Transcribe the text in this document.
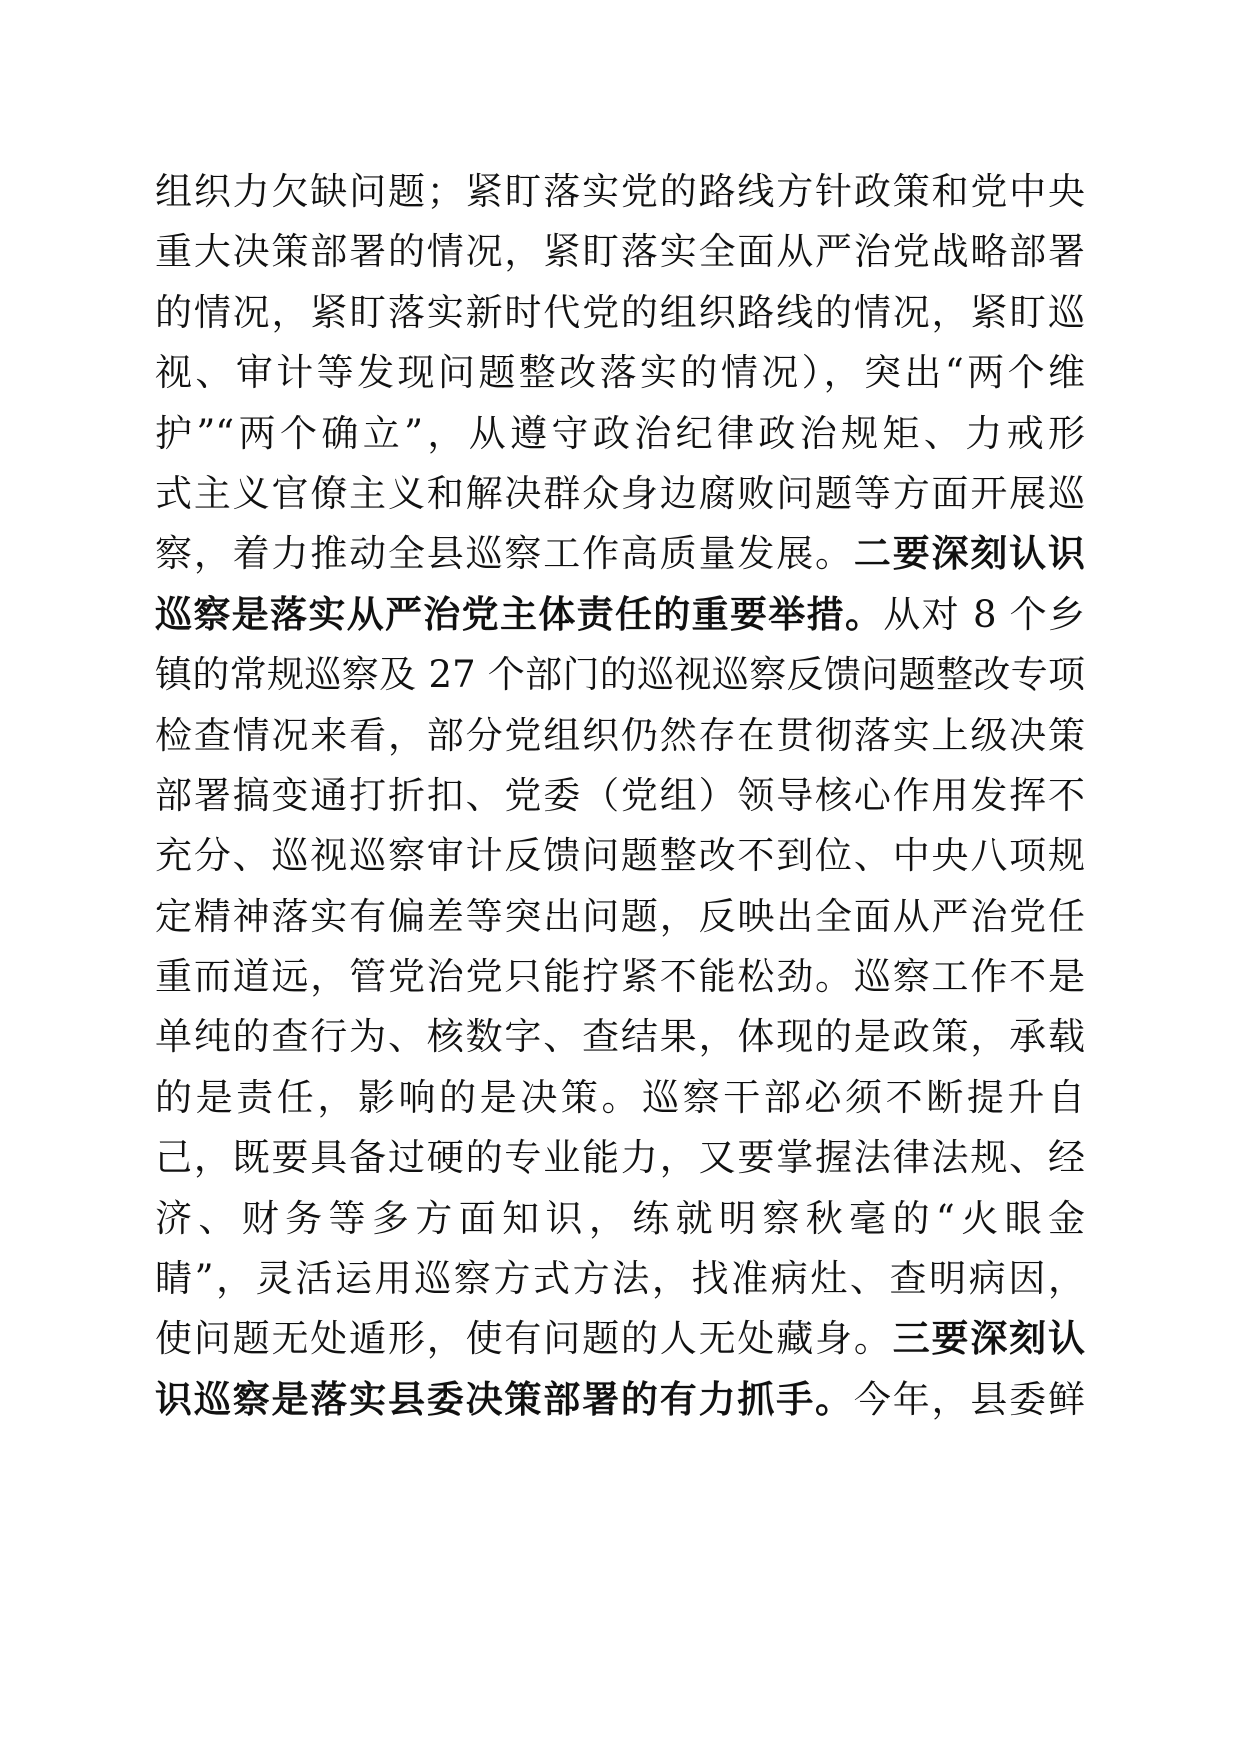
组织力欠缺问题；紧盯落实党的路线方针政策和党中央
重大决策部署的情况，紧盯落实全面从严治党战略部署
的情况，紧盯落实新时代党的组织路线的情况，紧盯巡
视、审计等发现问题整改落实的情况），突出“两个维
护”“两个确立”，从遵守政治纪律政治规矩、力戒形
式主义官僚主义和解决群众身边腐败问题等方面开展巡
察，着力推动全县巡察工作高质量发展。二要深刻认识
巡察是落实从严治党主体责任的重要举措。从对 8 个乡
镇的常规巡察及 27 个部门的巡视巡察反馈问题整改专项
检查情况来看，部分党组织仍然存在贯彻落实上级决策
部署搞变通打折扣、党委（党组）领导核心作用发挥不
充分、巡视巡察审计反馈问题整改不到位、中央八项规
定精神落实有偏差等突出问题，反映出全面从严治党任
重而道远，管党治党只能拧紧不能松劲。巡察工作不是
单纯的查行为、核数字、查结果，体现的是政策，承载
的是责任，影响的是决策。巡察干部必须不断提升自
己，既要具备过硬的专业能力，又要掌握法律法规、经
济、财务等多方面知识，练就明察秋毫的“火眼金
睛”，灵活运用巡察方式方法，找准病灶、查明病因，
使问题无处遁形，使有问题的人无处藏身。三要深刻认
识巡察是落实县委决策部署的有力抓手。今年，县委鲜
